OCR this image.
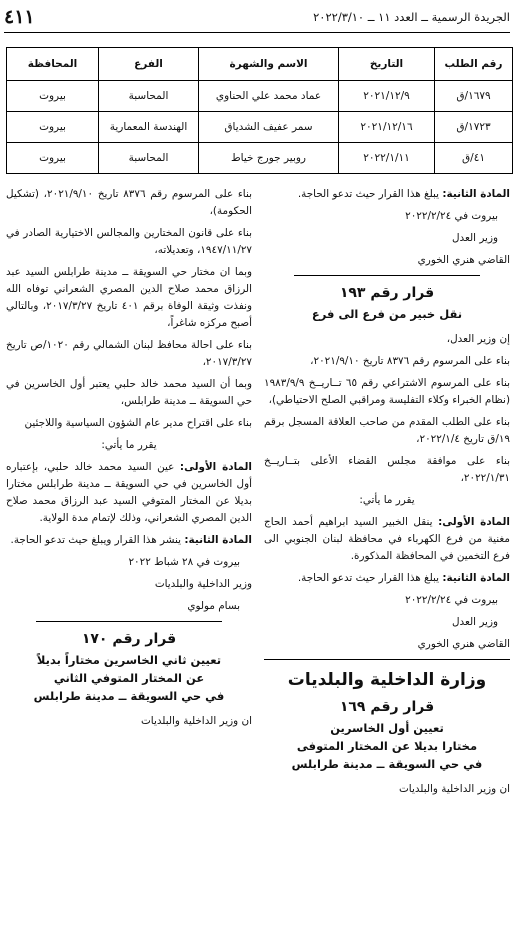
الجريدة الرسمية ــ العدد ١١ ــ ٢٠٢٢/٣/١٠
٤١١
رقم الطلب	التاريخ	الاسم والشهرة	الفرع	المحافظة
١٦٧٩/ق	٢٠٢١/١٢/٩	عماد محمد علي الحناوي	المحاسبة	بيروت
١٧٢٣/ق	٢٠٢١/١٢/١٦	سمر عفيف الشدياق	الهندسة المعمارية	بيروت
٤١/ق	٢٠٢٢/١/١١	روبير جورج خياط	المحاسبة	بيروت

المادة الثانية: يبلغ هذا القرار حيث تدعو الحاجة.

بيروت في ٢٠٢٢/٢/٢٤

وزير العدل

القاضي هنري الخوري

قرار رقم ١٩٣
نقل خبير من فرع الى فرع

إن وزير العدل،

بناء على المرسوم رقم ٨٣٧٦ تاريخ ٢٠٢١/٩/١٠،

بناء على المرسوم الاشتراعي رقم ٦٥ تــاريــخ ١٩٨٣/٩/٩ (نظام الخبراء وكلاء التفليسة ومراقبي الصلح الاحتياطي)،

بناء على الطلب المقدم من صاحب العلاقة المسجل برقم ١٩/ق تاريخ ٢٠٢٢/١/٤،

بناء على موافقة مجلس القضاء الأعلى بتــاريــخ ٢٠٢٢/١/٣١،

يقرر ما يأتي:

المادة الأولى: ينقل الخبير السيد ابراهيم أحمد الحاج مغنية من فرع الكهرباء في محافظة لبنان الجنوبي الى فرع التخمين في المحافظة المذكورة.

المادة الثانية: يبلغ هذا القرار حيث تدعو الحاجة.

بيروت في ٢٠٢٢/٢/٢٤

وزير العدل

القاضي هنري الخوري

وزارة الداخلية والبلديات
قرار رقم ١٦٩
تعيين أول الخاسرين
مختارا بديلا عن المختار المتوفى
في حي السويقة ــ مدينة طرابلس

ان وزير الداخلية والبلديات

بناء على المرسوم رقم ٨٣٧٦ تاريخ ٢٠٢١/٩/١٠، (تشكيل الحكومة)،

بناء على قانون المختارين والمجالس الاختيارية الصادر في ١٩٤٧/١١/٢٧، وتعديلاته،

وبما ان مختار حي السويقة ــ مدينة طرابلس السيد عبد الرزاق محمد صلاح الدين المصري الشعراني توفاه الله ونفذت وثيقة الوفاة برقم ٤٠١ تاريخ ٢٠١٧/٣/٢٧، وبالتالي أصبح مركزه شاغراً،

بناء على احالة محافظ لبنان الشمالي رقم ١٠٢٠/ص تاريخ ٢٠١٧/٣/٢٧،

وبما أن السيد محمد خالد حلبي يعتبر أول الخاسرين في حي السويقة ــ مدينة طرابلس،

بناء على اقتراح مدير عام الشؤون السياسية واللاجئين

يقرر ما يأتي:

المادة الأولى: عين السيد محمد خالد حلبي، بإعتباره أول الخاسرين في حي السويقة ــ مدينة طرابلس مختارا بديلا عن المختار المتوفي السيد عبد الرزاق محمد صلاح الدين المصري الشعراني، وذلك لإتمام مدة الولاية.

المادة الثانية: ينشر هذا القرار ويبلغ حيث تدعو الحاجة.

بيروت في ٢٨ شباط ٢٠٢٢

وزير الداخلية والبلديات

بسام مولوي

قرار رقم ١٧٠
تعيين ثاني الخاسرين مختاراً بديلاً
عن المختار المتوفي الثاني
في حي السويقة ــ مدينة طرابلس

ان وزير الداخلية والبلديات
